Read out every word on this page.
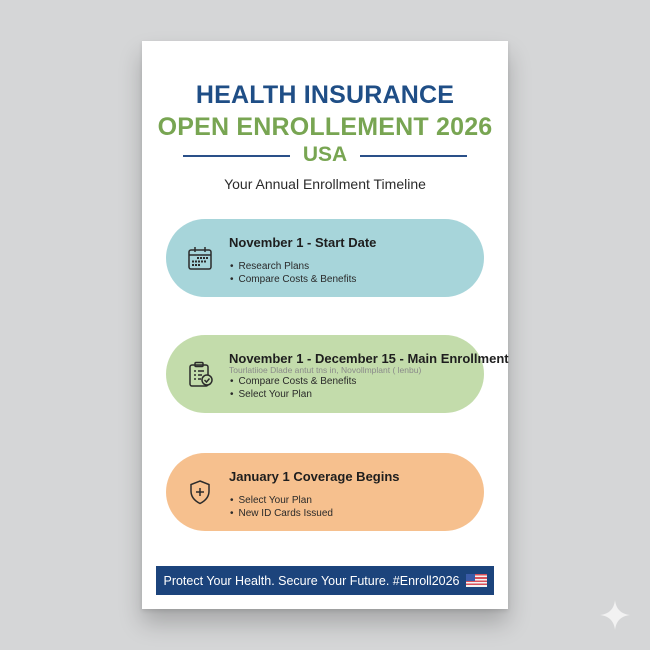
HEALTH INSURANCE
OPEN ENROLLEMENT 2026
USA
Your Annual Enrollment Timeline
November 1 - Start Date
• Research Plans
• Compare Costs & Benefits
November 1 - December 15 - Main Enrollment
Tourlatiioe Dlade antut tns in, Novollmplant ( lenbu)
• Compare Costs & Benefits
• Select Your Plan
January 1 Coverage Begins
• Select Your Plan
• New ID Cards Issued
Protect Your Health. Secure Your Future. #Enroll2026
